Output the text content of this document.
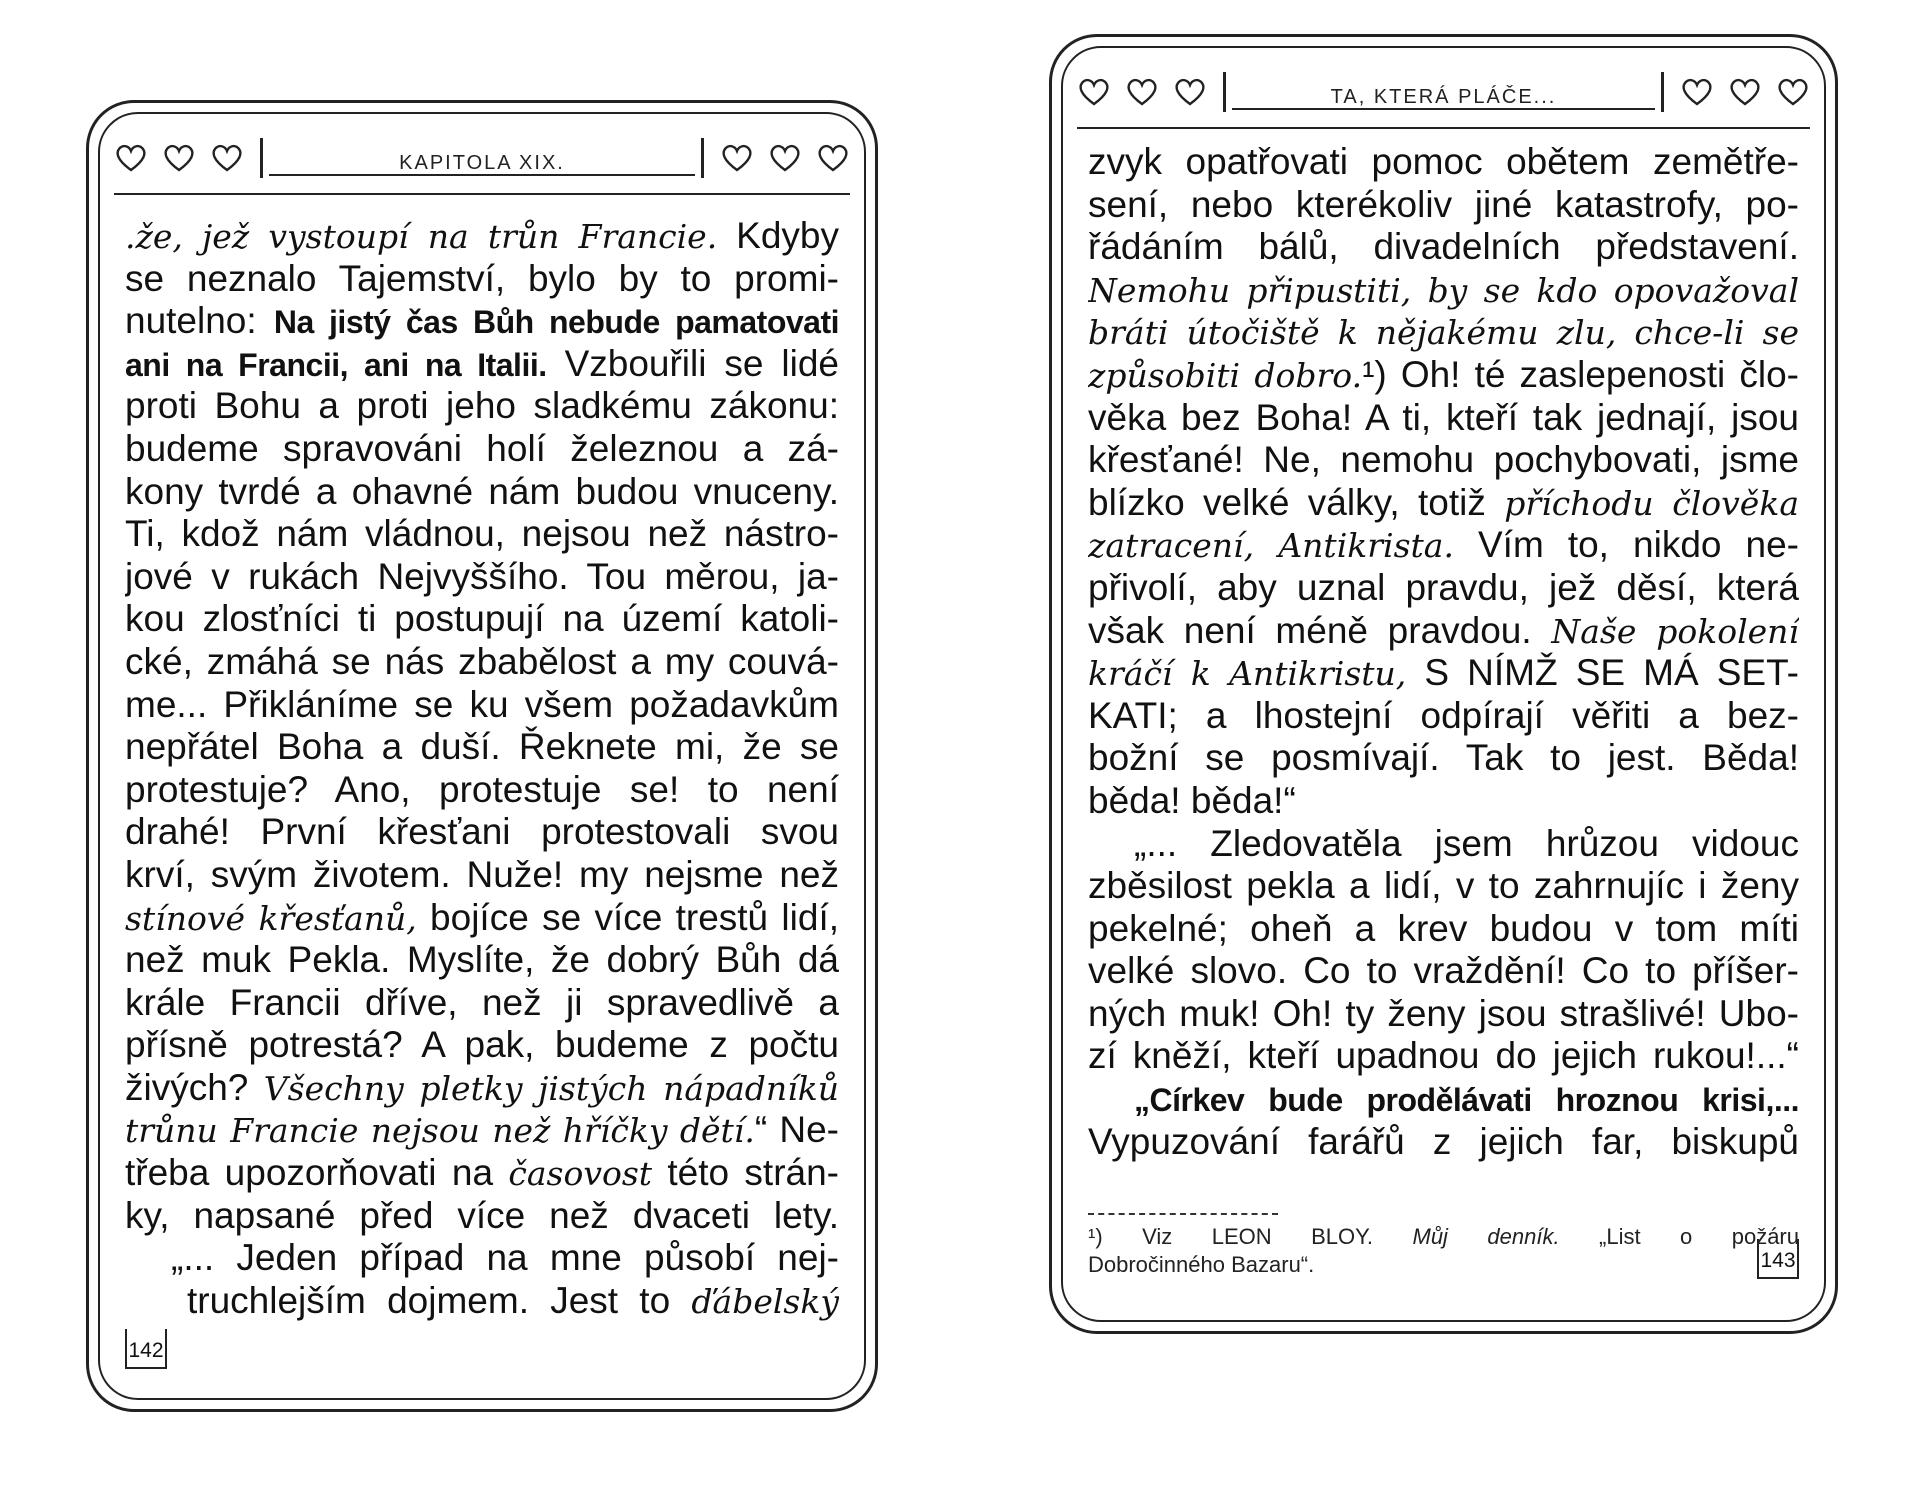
KAPITOLA XIX.
.že, jež vystoupí na trůn Francie. Kdyby
se neznalo Tajemství, bylo by to promi-
nutelno: Na jistý čas Bůh nebude pamatovati
ani na Francii, ani na Italii. Vzbouřili se lidé
proti Bohu a proti jeho sladkému zákonu:
budeme spravováni holí železnou a zá-
kony tvrdé a ohavné nám budou vnuceny.
Ti, kdož nám vládnou, nejsou než nástro-
jové v rukách Nejvyššího. Tou měrou, ja-
kou zlosťníci ti postupují na území katoli-
cké, zmáhá se nás zbabělost a my couvá-
me... Přikláníme se ku všem požadavkům
nepřátel Boha a duší. Řeknete mi, že se
protestuje? Ano, protestuje se! to není
drahé! První křesťani protestovali svou
krví, svým životem. Nuže! my nejsme než
stínové křesťanů, bojíce se více trestů lidí,
než muk Pekla. Myslíte, že dobrý Bůh dá
krále Francii dříve, než ji spravedlivě a
přísně potrestá? A pak, budeme z počtu
živých? Všechny pletky jistých nápadníků
trůnu Francie nejsou než hříčky dětí.“ Ne-
třeba upozorňovati na časovost této strán-
ky, napsané před více než dvaceti lety.
„... Jeden případ na mne působí nej-
truchlejším dojmem. Jest to ďábelský
142
TA, KTERÁ PLÁČE...
zvyk opatřovati pomoc obětem zemětře-
sení, nebo kterékoliv jiné katastrofy, po-
řádáním bálů, divadelních představení.
Nemohu připustiti, by se kdo opovažoval
bráti útočiště k nějakému zlu, chce-li se
způsobiti dobro.¹) Oh! té zaslepenosti člo-
věka bez Boha! A ti, kteří tak jednají, jsou
křesťané! Ne, nemohu pochybovati, jsme
blízko velké války, totiž příchodu člověka
zatracení, Antikrista. Vím to, nikdo ne-
přivolí, aby uznal pravdu, jež děsí, která
však není méně pravdou. Naše pokolení
kráčí k Antikristu, S NÍMŽ SE MÁ SET-
KATI; a lhostejní odpírají věřiti a bez-
božní se posmívají. Tak to jest. Běda!
běda! běda!“
„... Zledovatěla jsem hrůzou vidouc
zběsilost pekla a lidí, v to zahrnujíc i ženy
pekelné; oheň a krev budou v tom míti
velké slovo. Co to vraždění! Co to příšer-
ných muk! Oh! ty ženy jsou strašlivé! Ubo-
zí kněží, kteří upadnou do jejich rukou!...“
„Církev bude prodělávati hroznou krisi,...
Vypuzování farářů z jejich far, biskupů
¹) Viz LEON BLOY. Můj denník. „List o požáru
Dobročinného Bazaru“.	143
